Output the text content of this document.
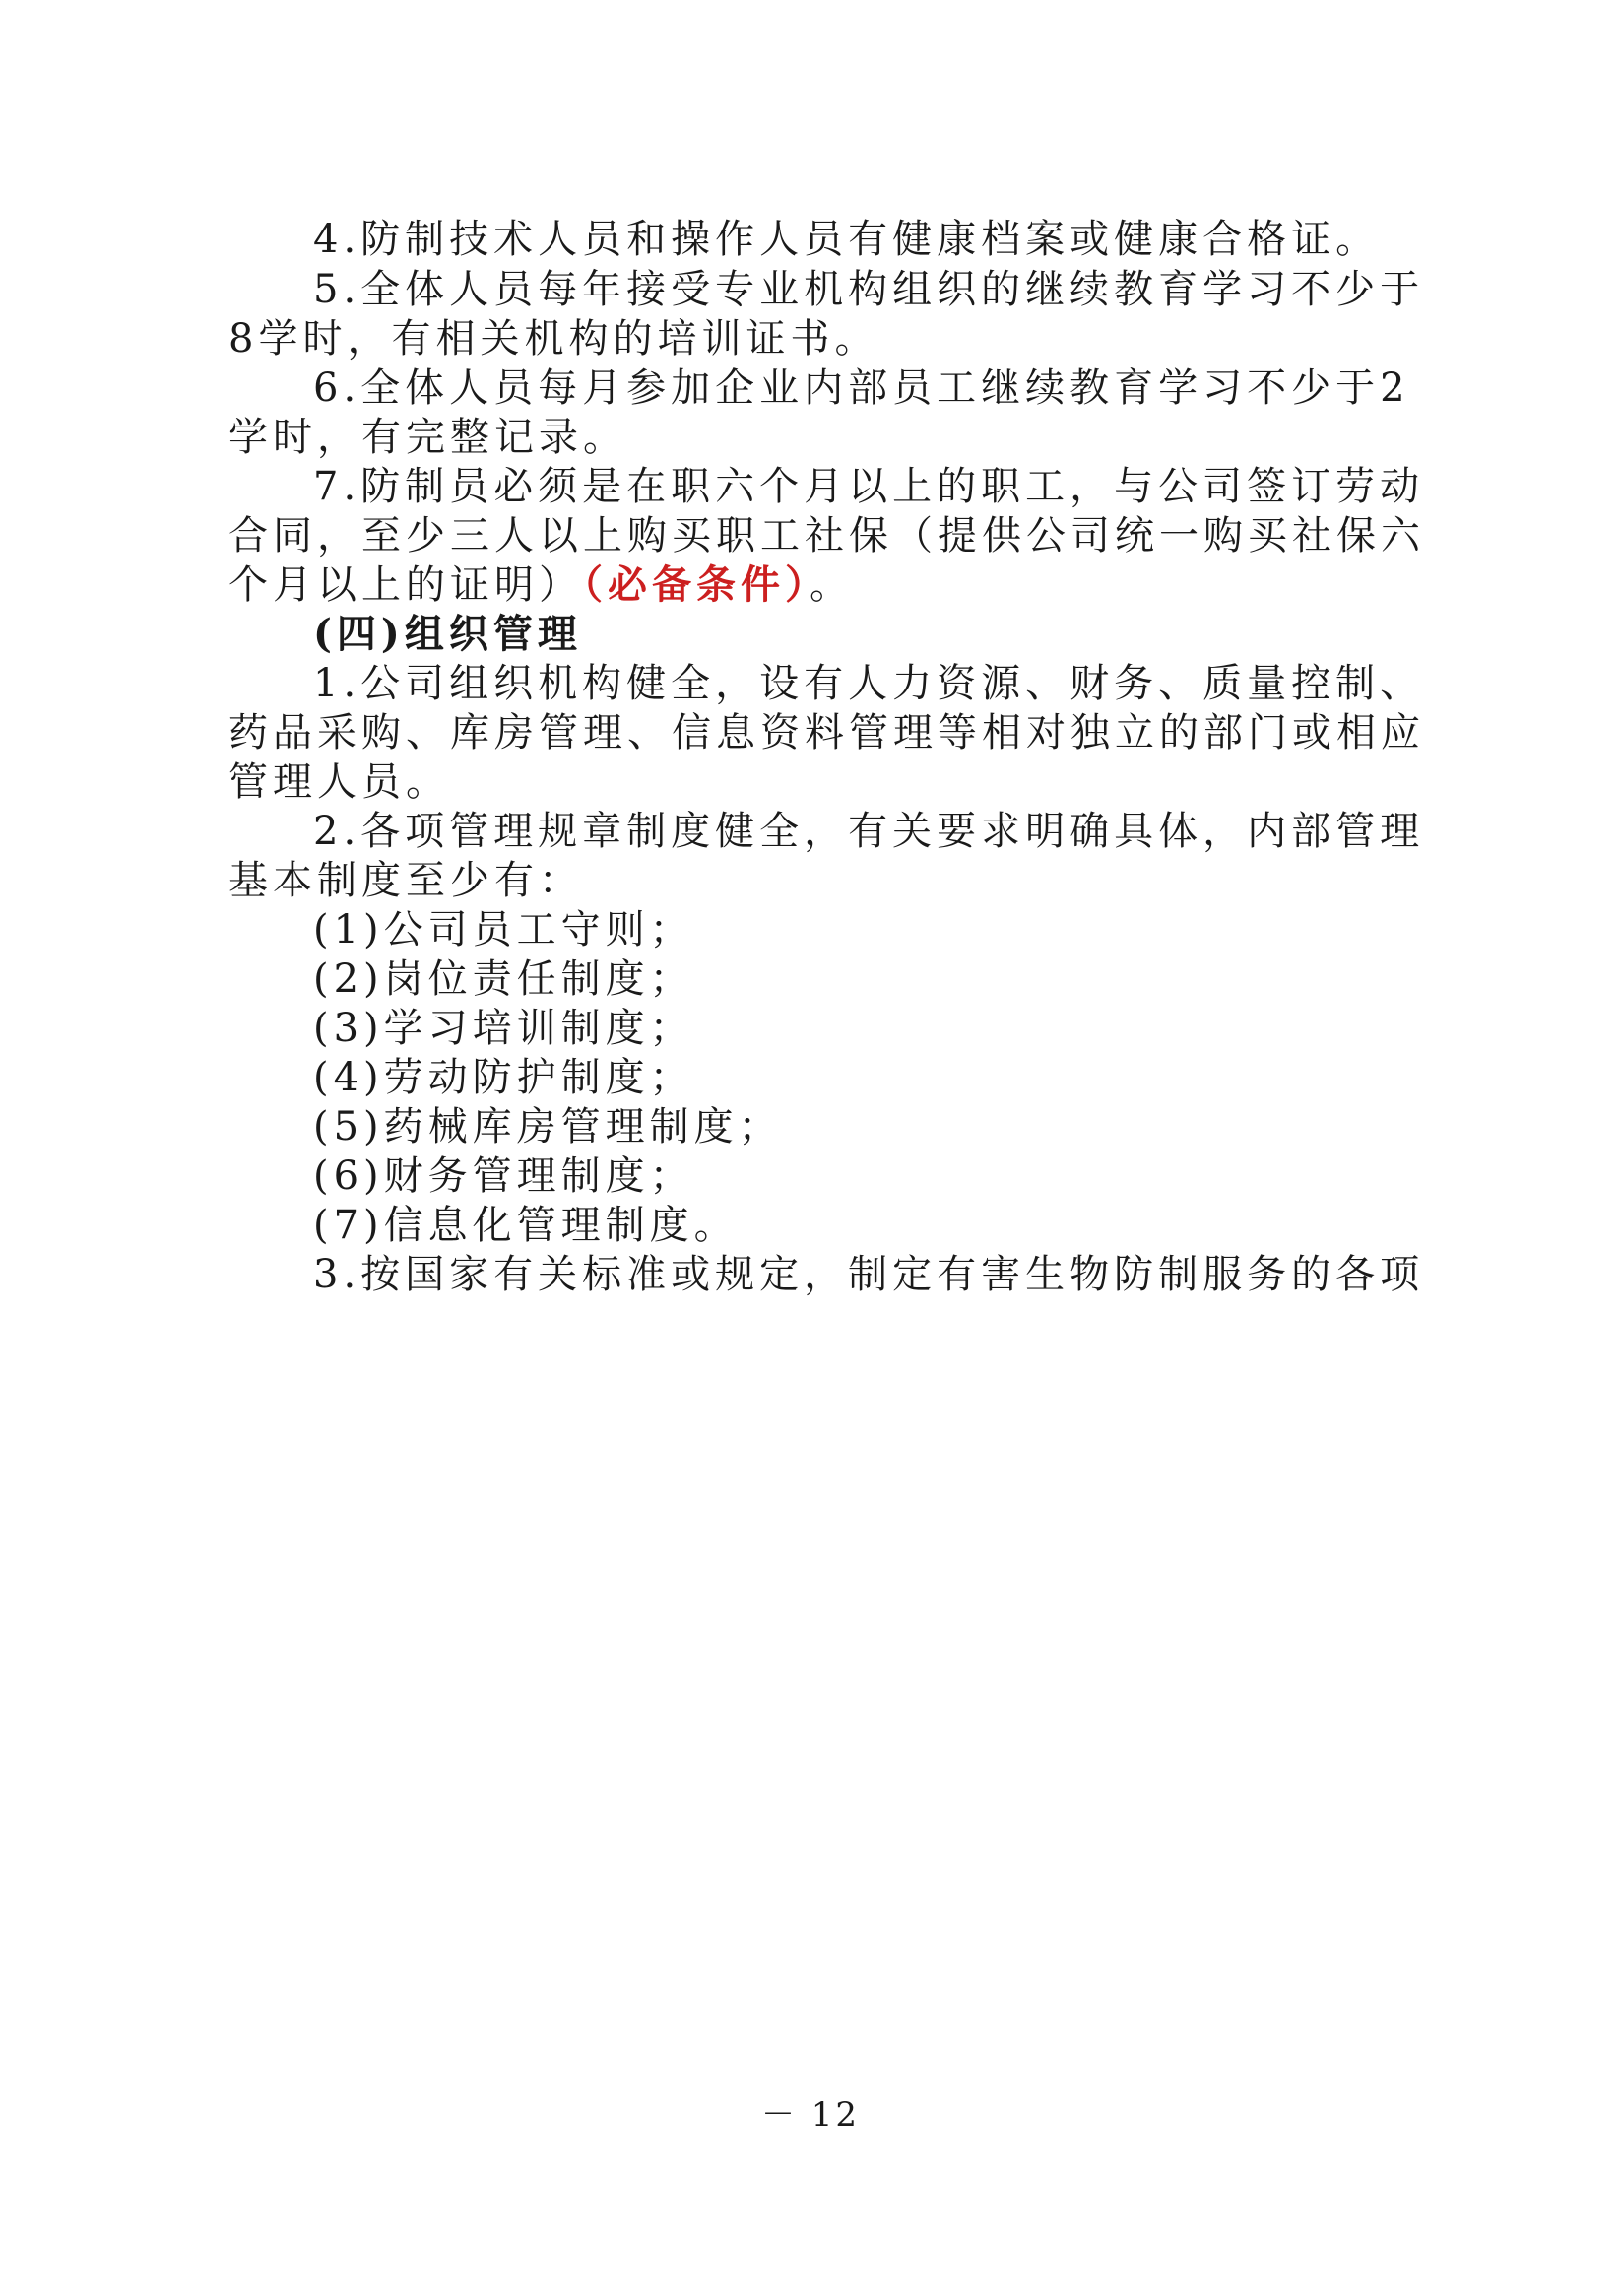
4.防制技术人员和操作人员有健康档案或健康合格证。
5.全体人员每年接受专业机构组织的继续教育学习不少于
8学时，有相关机构的培训证书。
6.全体人员每月参加企业内部员工继续教育学习不少于2
学时，有完整记录。
7.防制员必须是在职六个月以上的职工，与公司签订劳动
合同，至少三人以上购买职工社保（提供公司统一购买社保六
个月以上的证明）（必备条件）。
(四)组织管理
1.公司组织机构健全，设有人力资源、财务、质量控制、
药品采购、库房管理、信息资料管理等相对独立的部门或相应
管理人员。
2.各项管理规章制度健全，有关要求明确具体，内部管理
基本制度至少有：
(1)公司员工守则；
(2)岗位责任制度；
(3)学习培训制度；
(4)劳动防护制度；
(5)药械库房管理制度；
(6)财务管理制度；
(7)信息化管理制度。
3.按国家有关标准或规定，制定有害生物防制服务的各项
－ 12
